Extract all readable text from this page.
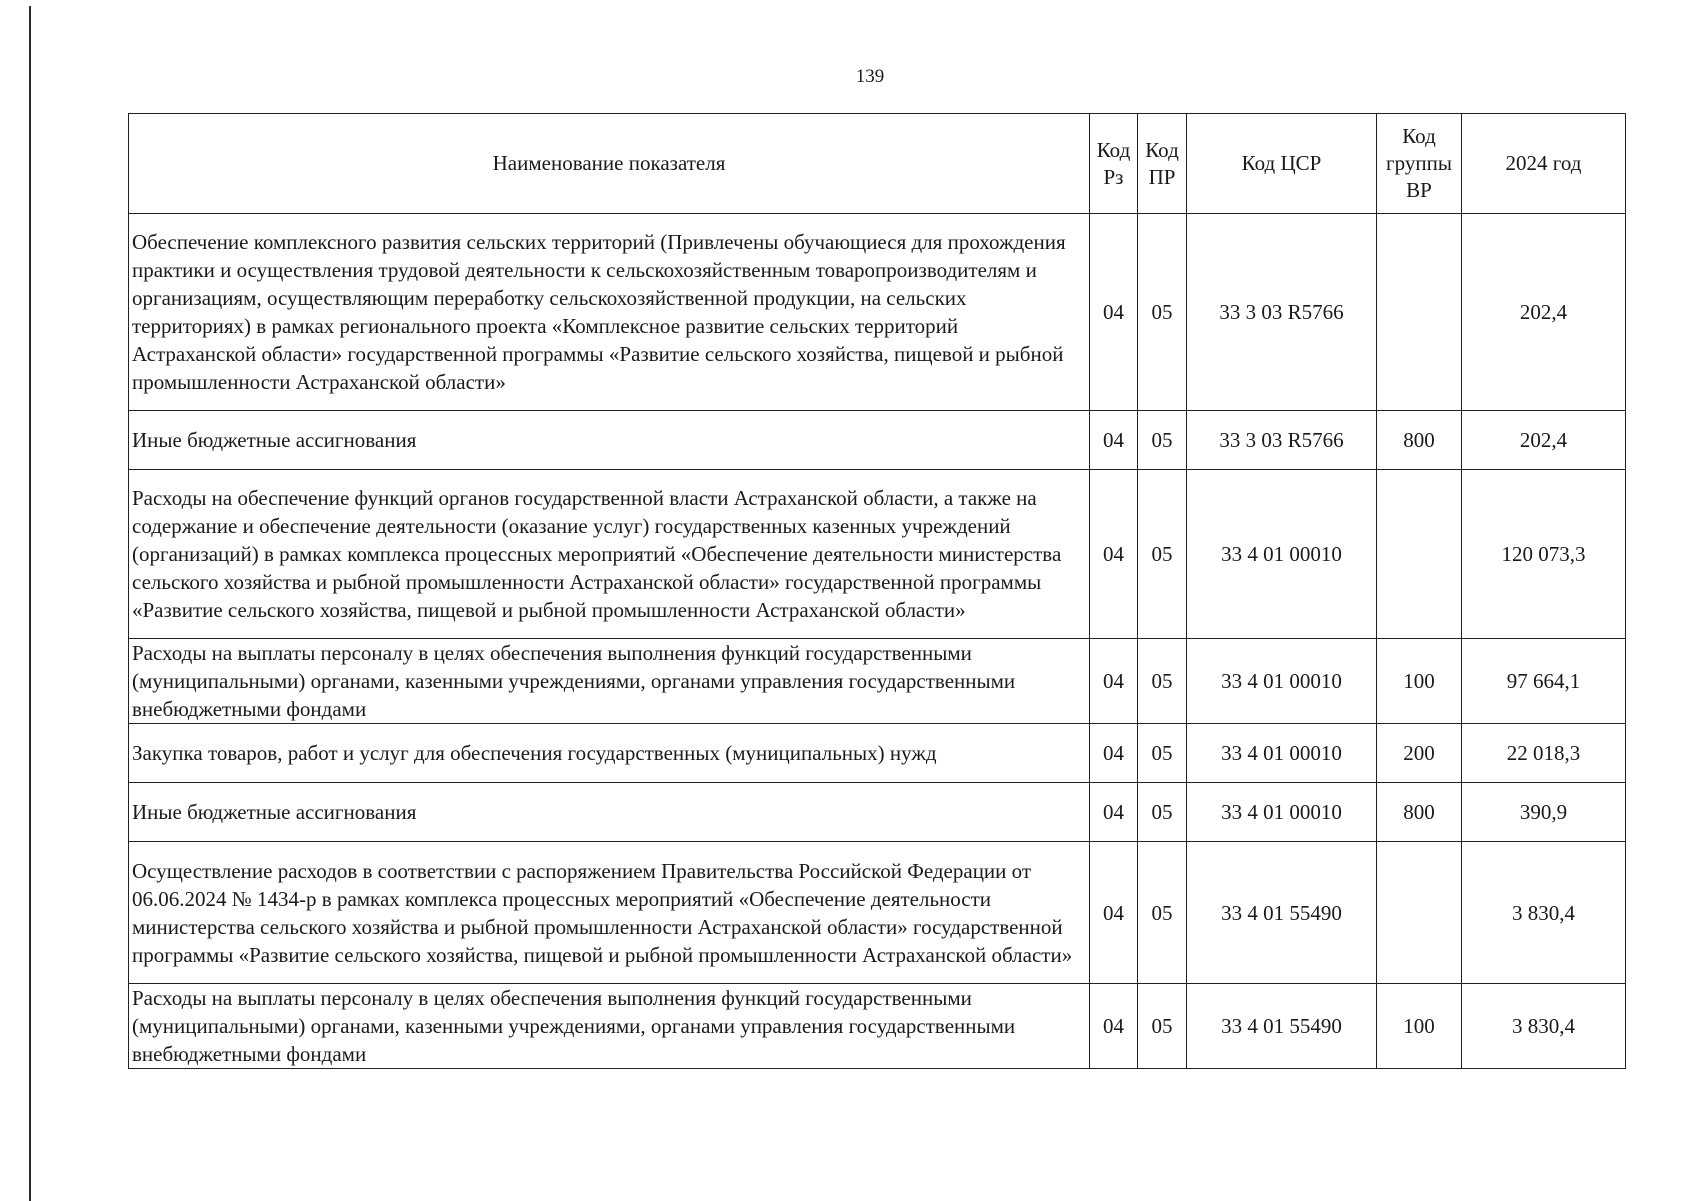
139
Наименование показателя	Код Рз	Код ПР	Код ЦСР	Код группы ВР	2024 год
Обеспечение комплексного развития сельских территорий (Привлечены обучающиеся для прохождения практики и осуществления трудовой деятельности к сельскохозяйственным товаропроизводителям и организациям, осуществляющим переработку сельскохозяйственной продукции, на сельских территориях) в рамках регионального проекта «Комплексное развитие сельских территорий Астраханской области» государственной программы «Развитие сельского хозяйства, пищевой и рыбной промышленности Астраханской области»	04	05	33 3 03 R5766		202,4
Иные бюджетные ассигнования	04	05	33 3 03 R5766	800	202,4
Расходы на обеспечение функций органов государственной власти Астраханской области, а также на содержание и обеспечение деятельности (оказание услуг) государственных казенных учреждений (организаций) в рамках комплекса процессных мероприятий «Обеспечение деятельности министерства сельского хозяйства и рыбной промышленности Астраханской области» государственной программы «Развитие сельского хозяйства, пищевой и рыбной промышленности Астраханской области»	04	05	33 4 01 00010		120 073,3
Расходы на выплаты персоналу в целях обеспечения выполнения функций государственными (муниципальными) органами, казенными учреждениями, органами управления государственными внебюджетными фондами	04	05	33 4 01 00010	100	97 664,1
Закупка товаров, работ и услуг для обеспечения государственных (муниципальных) нужд	04	05	33 4 01 00010	200	22 018,3
Иные бюджетные ассигнования	04	05	33 4 01 00010	800	390,9
Осуществление расходов в соответствии с распоряжением Правительства Российской Федерации от 06.06.2024 № 1434-р в рамках комплекса процессных мероприятий «Обеспечение деятельности министерства сельского хозяйства и рыбной промышленности Астраханской области» государственной программы «Развитие сельского хозяйства, пищевой и рыбной промышленности Астраханской области»	04	05	33 4 01 55490		3 830,4
Расходы на выплаты персоналу в целях обеспечения выполнения функций государственными (муниципальными) органами, казенными учреждениями, органами управления государственными внебюджетными фондами	04	05	33 4 01 55490	100	3 830,4
